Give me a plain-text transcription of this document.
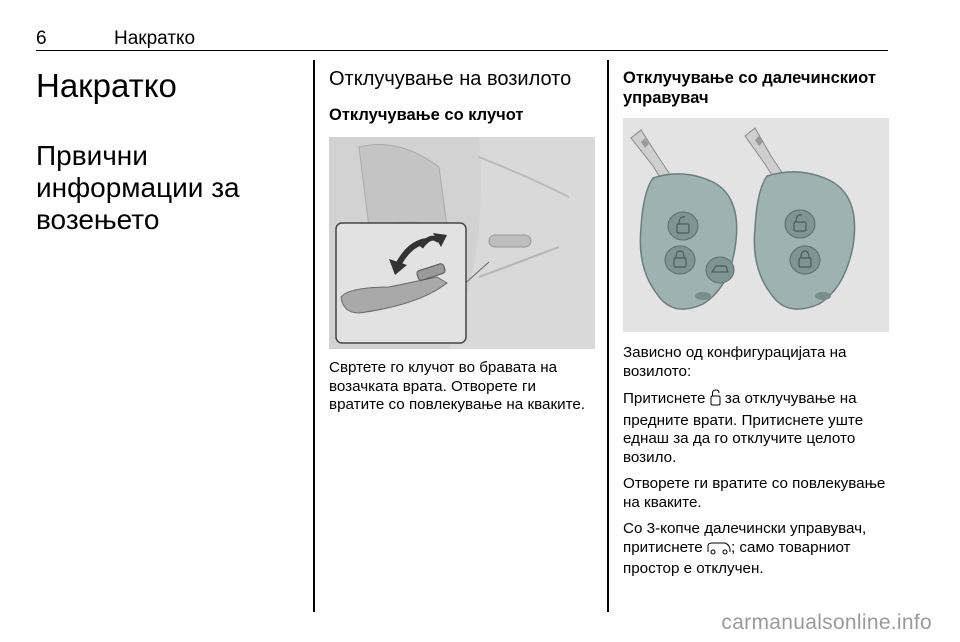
6	Накратко
Накратко
Првични информации за возењето
Отклучување на возилото
Отклучување со клучот

Свртете го клучот во бравата на возачката врата. Отворете ги вратите со повлекување на кваките.

Отклучување со далечинскиот управувач

Зависно од конфигурацијата на возилото:

Притиснете  за отклучување на предните врати. Притиснете уште еднаш за да го отклучите целото возило.

Отворете ги вратите со повлекување на кваките.

Со 3-копче далечински управувач, притиснете ; само товарниот простор е отклучен.

carmanualsonline.info
